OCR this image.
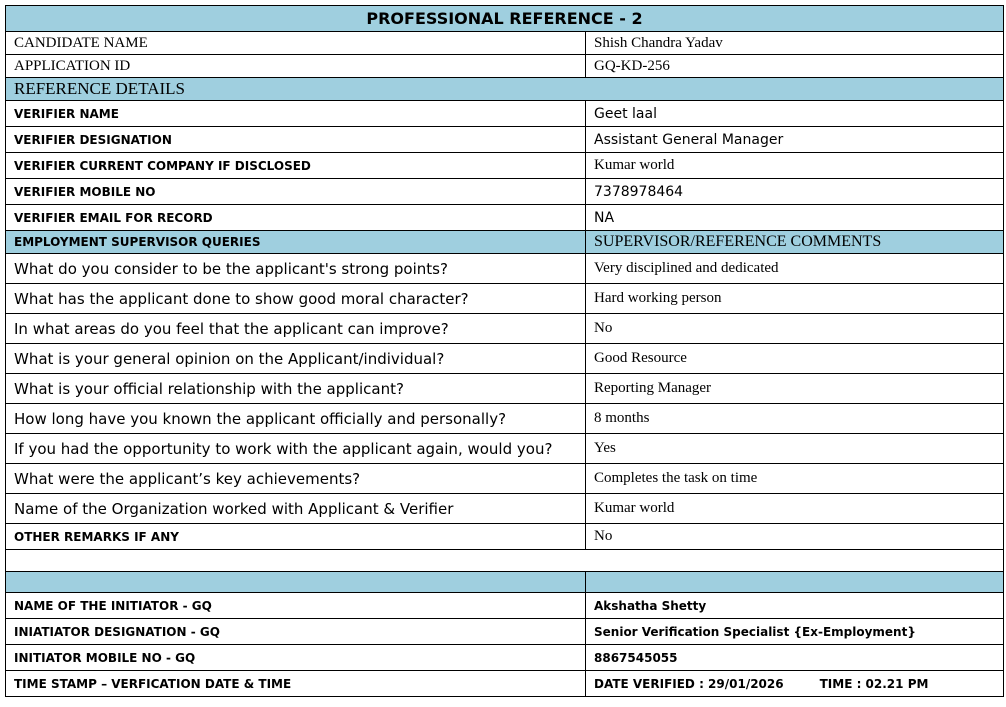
PROFESSIONAL REFERENCE - 2	
CANDIDATE NAME	Shish Chandra Yadav
APPLICATION ID	GQ-KD-256
REFERENCE DETAILS	
VERIFIER NAME	Geet laal
VERIFIER DESIGNATION	Assistant General Manager
VERIFIER CURRENT COMPANY IF DISCLOSED	Kumar world
VERIFIER MOBILE NO	7378978464
VERIFIER EMAIL FOR RECORD	NA
EMPLOYMENT SUPERVISOR QUERIES	SUPERVISOR/REFERENCE COMMENTS
What do you consider to be the applicant's strong points?	Very disciplined and dedicated
What has the applicant done to show good moral character?	Hard working person
In what areas do you feel that the applicant can improve?	No
What is your general opinion on the Applicant/individual?	Good Resource
What is your official relationship with the applicant?	Reporting Manager
How long have you known the applicant officially and personally?	8 months
If you had the opportunity to work with the applicant again, would you?	Yes
What were the applicant’s key achievements?	Completes the task on time
Name of the Organization worked with Applicant & Verifier	Kumar world
OTHER REMARKS IF ANY	No

NAME OF THE INITIATOR - GQ	Akshatha Shetty
INIATIATOR DESIGNATION - GQ	Senior Verification Specialist {Ex-Employment}
INITIATOR MOBILE NO - GQ	8867545055
TIME STAMP – VERFICATION DATE & TIME	DATE VERIFIED : 29/01/2026 TIME : 02.21 PM
